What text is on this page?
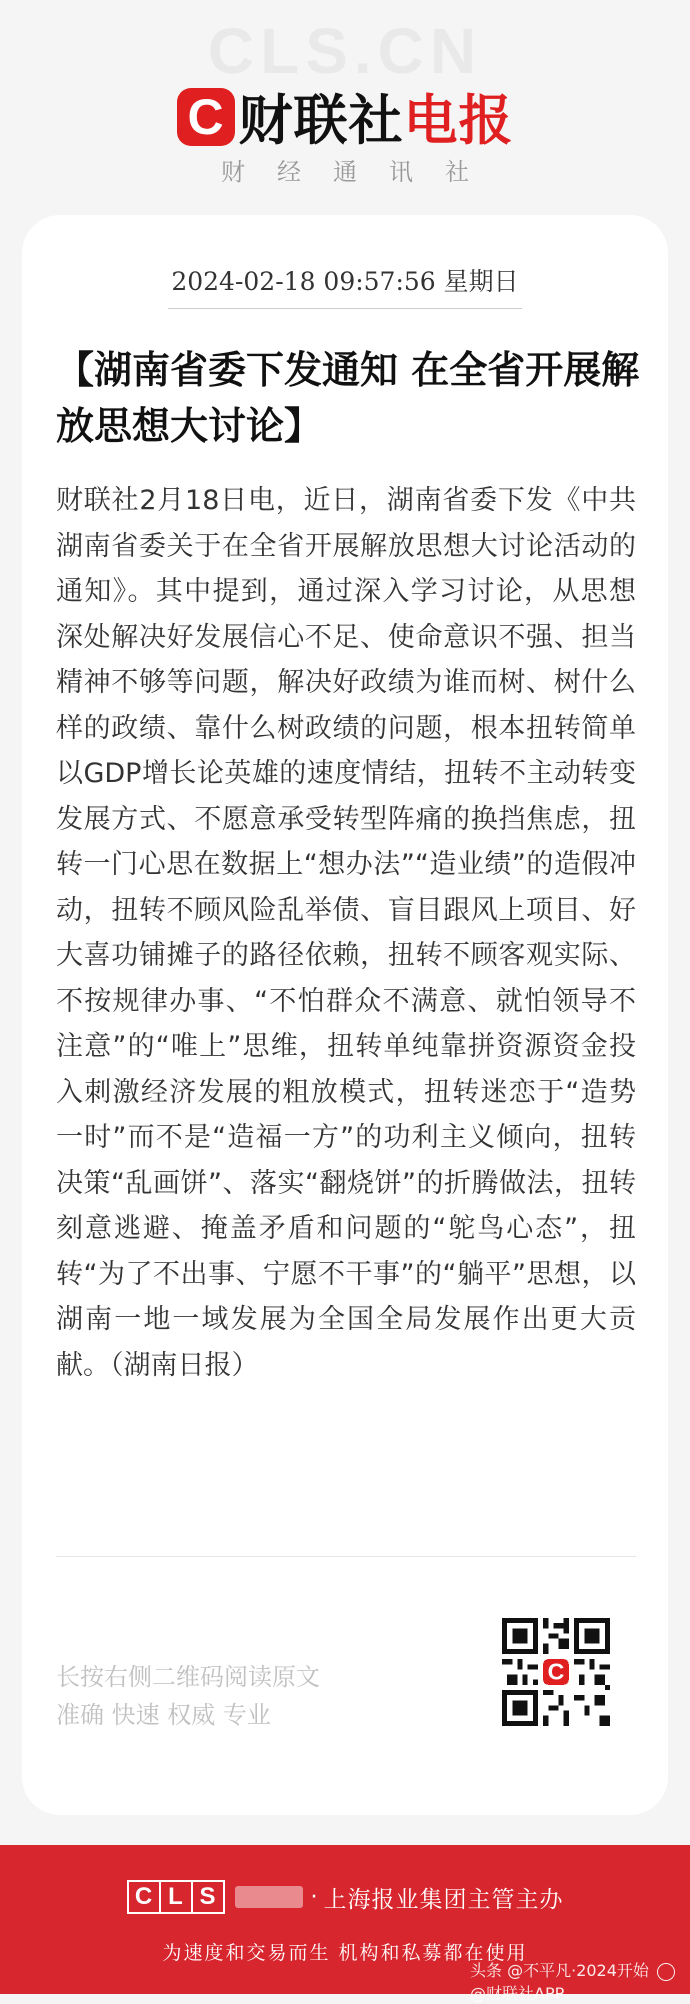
CLS.CN
C 财联社电报
财经通讯社
2024-02-18 09:57:56 星期日
【湖南省委下发通知 在全省开展解放思想大讨论】
财联社2月18日电，近日，湖南省委下发《中共湖南省委关于在全省开展解放思想大讨论活动的通知》。其中提到，通过深入学习讨论，从思想深处解决好发展信心不足、使命意识不强、担当精神不够等问题，解决好政绩为谁而树、树什么样的政绩、靠什么树政绩的问题，根本扭转简单以GDP增长论英雄的速度情结，扭转不主动转变发展方式、不愿意承受转型阵痛的换挡焦虑，扭转一门心思在数据上“想办法”“造业绩”的造假冲动，扭转不顾风险乱举债、盲目跟风上项目、好大喜功铺摊子的路径依赖，扭转不顾客观实际、不按规律办事、“不怕群众不满意、就怕领导不注意”的“唯上”思维，扭转单纯靠拼资源资金投入刺激经济发展的粗放模式，扭转迷恋于“造势一时”而不是“造福一方”的功利主义倾向，扭转决策“乱画饼”、落实“翻烧饼”的折腾做法，扭转刻意逃避、掩盖矛盾和问题的“鸵鸟心态”，扭转“为了不出事、宁愿不干事”的“躺平”思想，以湖南一地一域发展为全国全局发展作出更大贡献。（湖南日报）
长按右侧二维码阅读原文
准确 快速 权威 专业
C
C L S	· 上海报业集团主管主办
为速度和交易而生 机构和私募都在使用
头条 @不平凡·2024开始  @财联社APP
